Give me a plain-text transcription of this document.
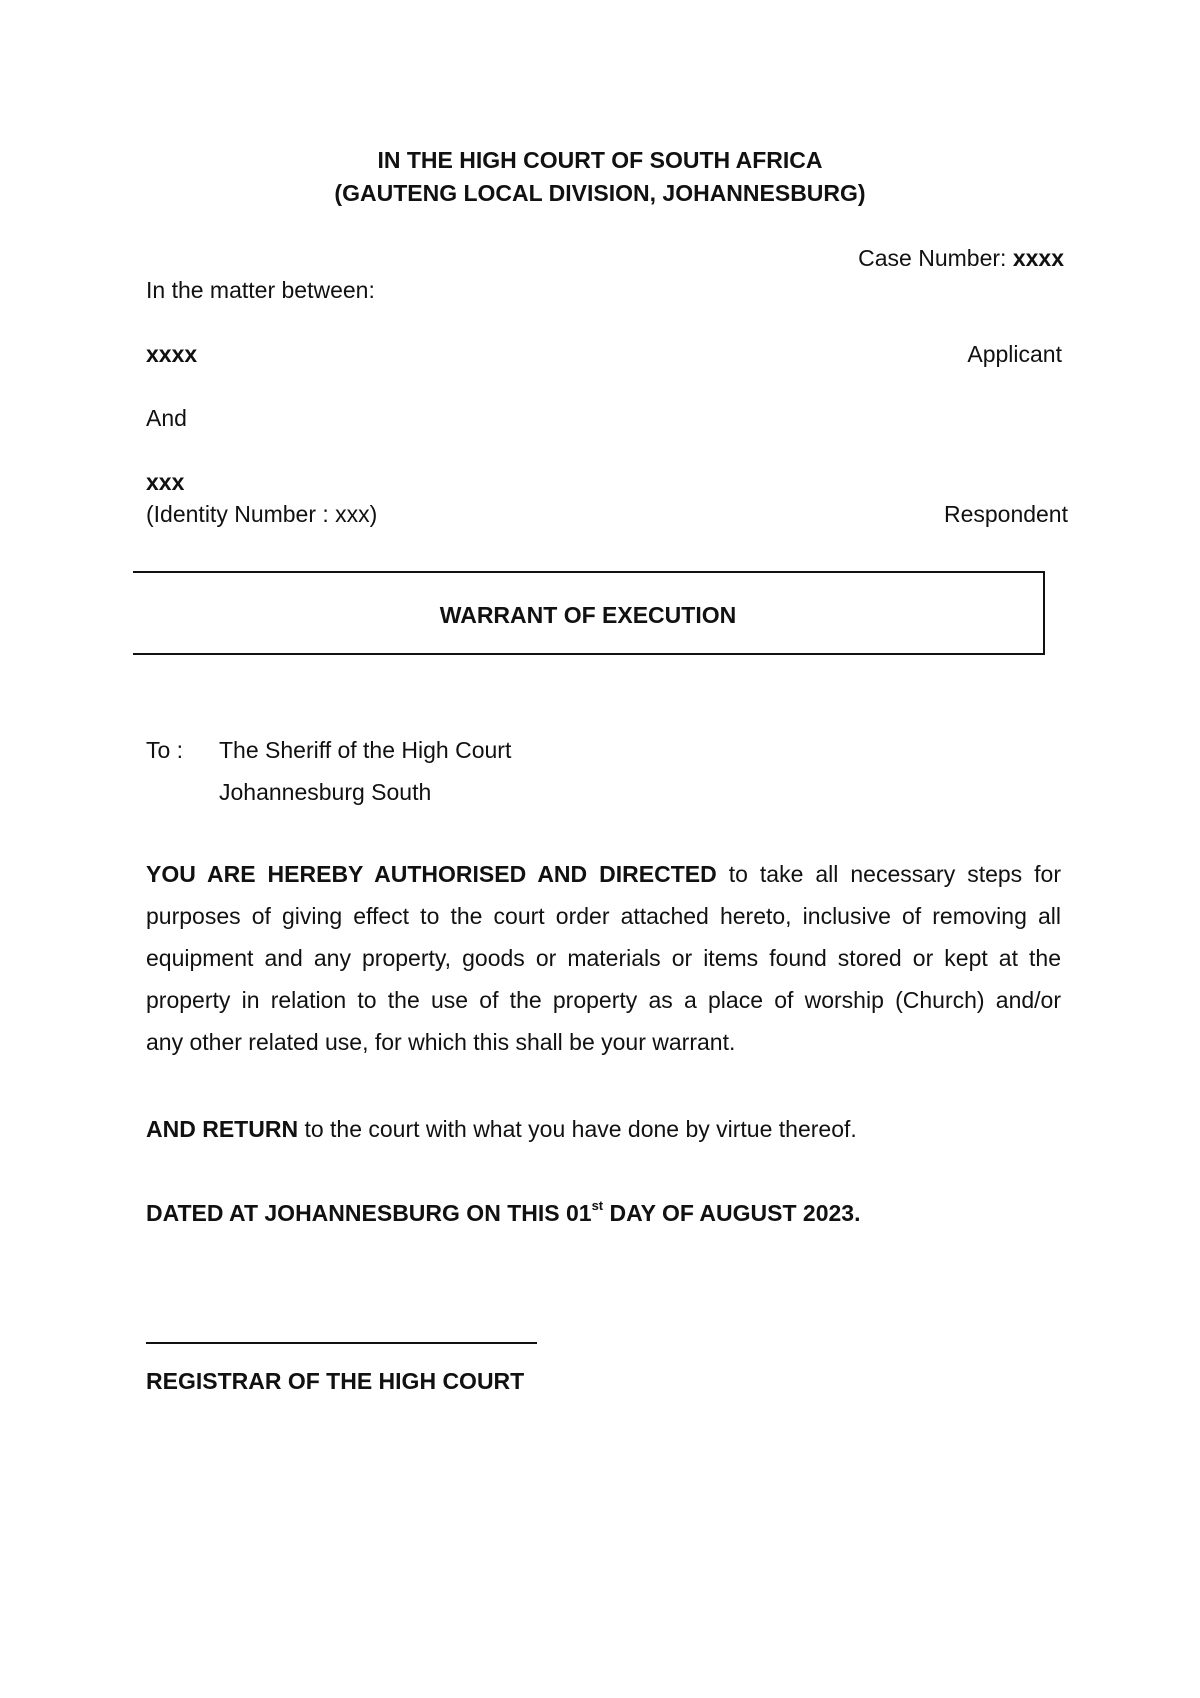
IN THE HIGH COURT OF SOUTH AFRICA
(GAUTENG LOCAL DIVISION, JOHANNESBURG)
Case Number: xxxx
In the matter between:
xxxx	Applicant
And
xxx
(Identity Number : xxx)	Respondent
WARRANT OF EXECUTION
To : The Sheriff of the High Court
Johannesburg South
YOU ARE HEREBY AUTHORISED AND DIRECTED to take all necessary steps for
purposes of giving effect to the court order attached hereto, inclusive of removing all
equipment and any property, goods or materials or items found stored or kept at the
property in relation to the use of the property as a place of worship (Church) and/or
any other related use, for which this shall be your warrant.
AND RETURN to the court with what you have done by virtue thereof.
DATED AT JOHANNESBURG ON THIS 01st DAY OF AUGUST 2023.
REGISTRAR OF THE HIGH COURT
